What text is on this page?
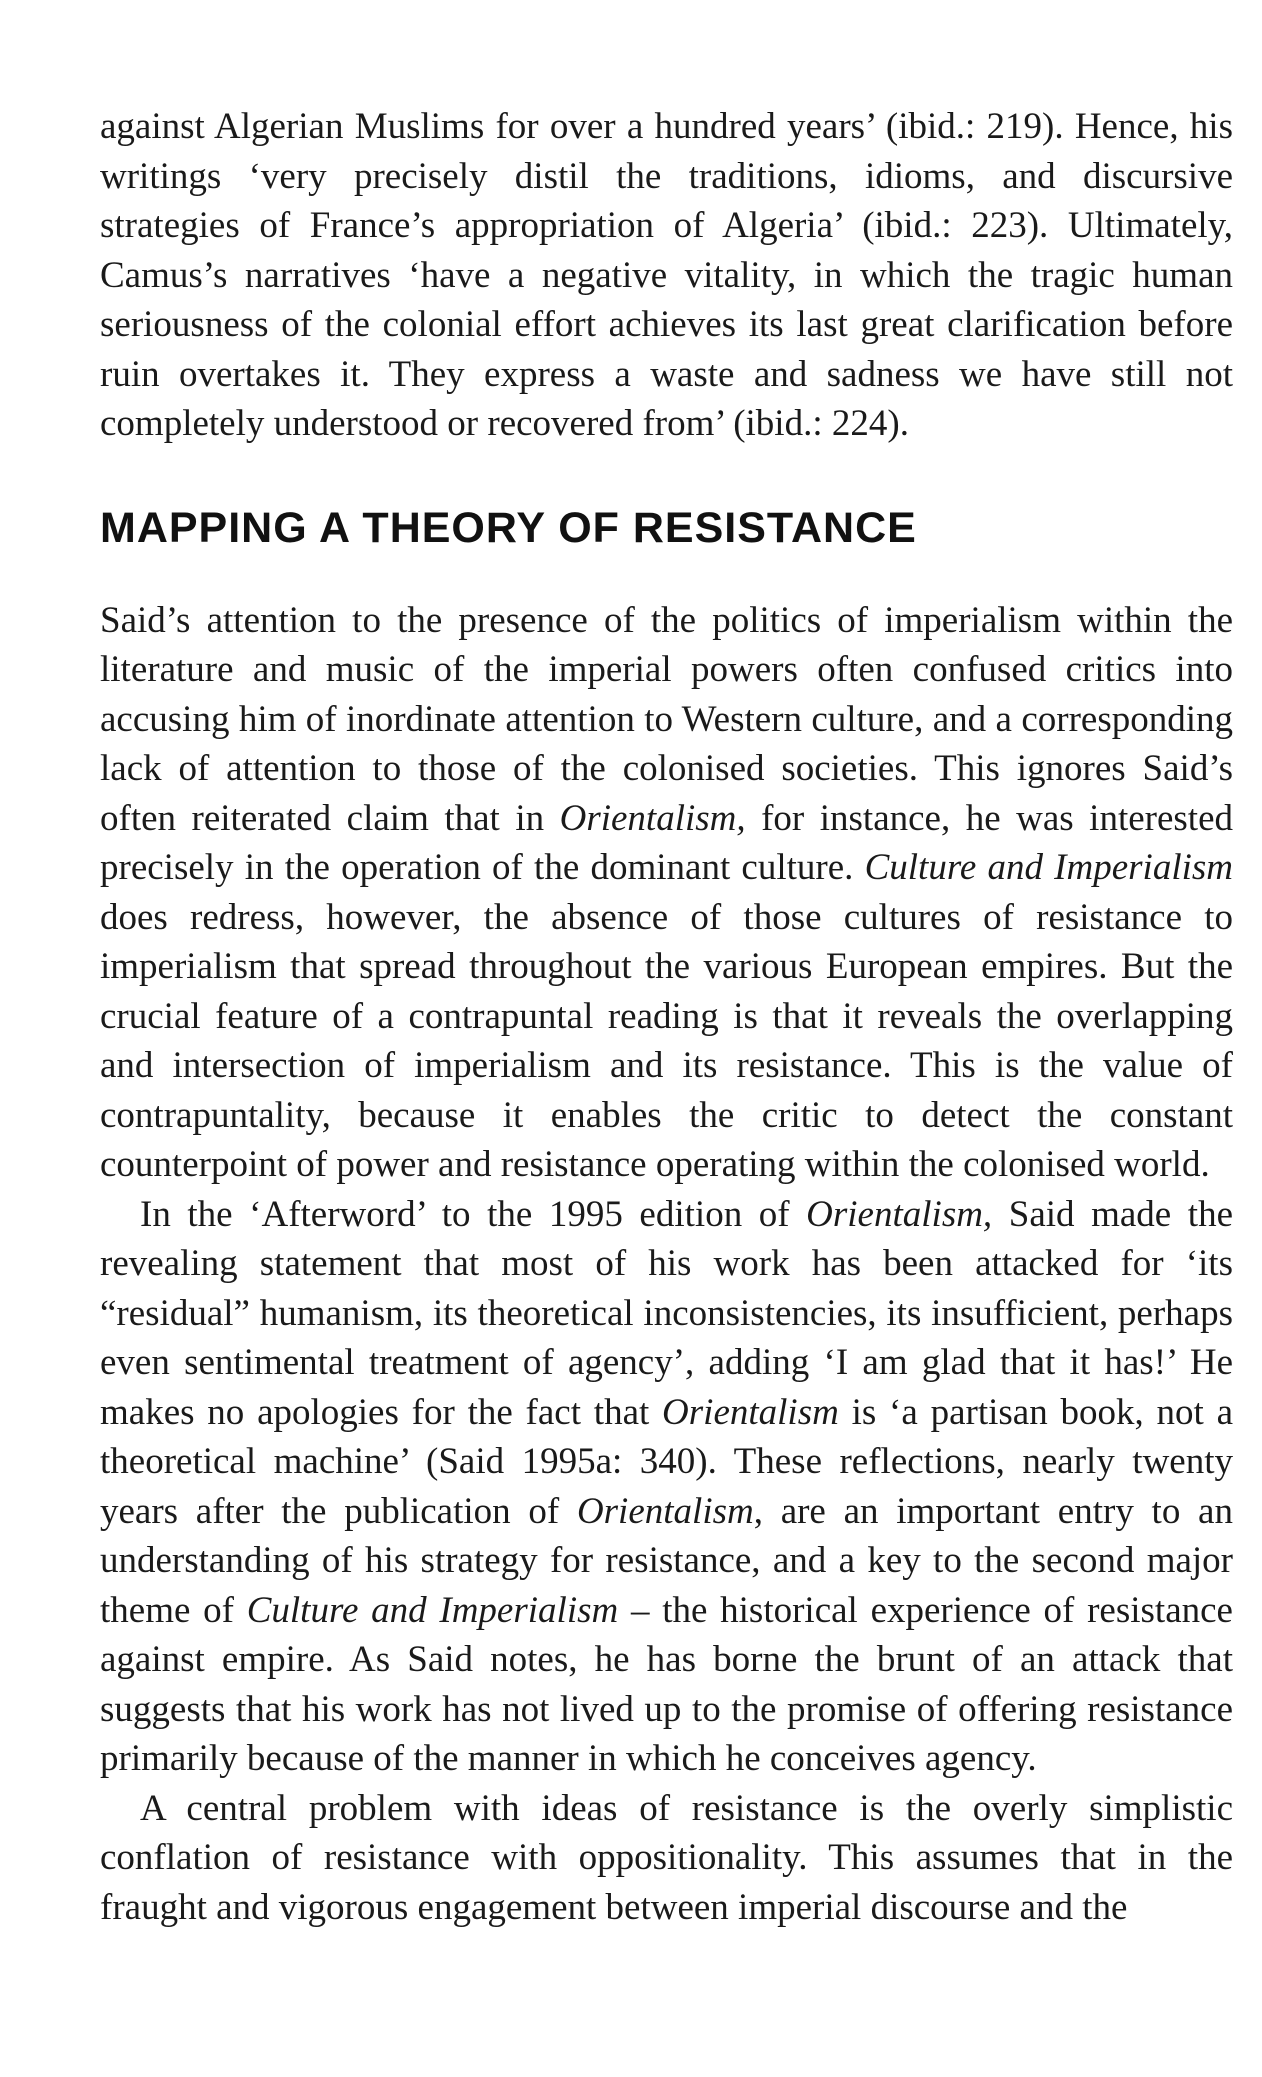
against Algerian Muslims for over a hundred years’ (ibid.: 219). Hence, his writings ‘very precisely distil the traditions, idioms, and discursive strategies of France’s appropriation of Algeria’ (ibid.: 223). Ultimately, Camus’s narratives ‘have a negative vitality, in which the tragic human seriousness of the colonial effort achieves its last great clarification before ruin overtakes it. They express a waste and sadness we have still not completely understood or recovered from’ (ibid.: 224).

MAPPING A THEORY OF RESISTANCE

Said’s attention to the presence of the politics of imperialism within the literature and music of the imperial powers often confused critics into accusing him of inordinate attention to Western culture, and a corresponding lack of attention to those of the colonised societies. This ignores Said’s often reiterated claim that in Orientalism, for instance, he was interested precisely in the operation of the dominant culture. Culture and Imperialism does redress, however, the absence of those cultures of resistance to imperialism that spread throughout the various European empires. But the crucial feature of a contrapuntal reading is that it reveals the overlapping and intersection of imperialism and its resistance. This is the value of contrapuntality, because it enables the critic to detect the constant counterpoint of power and resistance operating within the colonised world.

In the ‘Afterword’ to the 1995 edition of Orientalism, Said made the revealing statement that most of his work has been attacked for ‘its “residual” humanism, its theoretical inconsistencies, its insufficient, perhaps even sentimental treatment of agency’, adding ‘I am glad that it has!’ He makes no apologies for the fact that Orientalism is ‘a partisan book, not a theoretical machine’ (Said 1995a: 340). These reflections, nearly twenty years after the publication of Orientalism, are an important entry to an understanding of his strategy for resistance, and a key to the second major theme of Culture and Imperialism – the historical experience of resistance against empire. As Said notes, he has borne the brunt of an attack that suggests that his work has not lived up to the promise of offering resistance primarily because of the manner in which he conceives agency.

A central problem with ideas of resistance is the overly simplistic conflation of resistance with oppositionality. This assumes that in the fraught and vigorous engagement between imperial discourse and the
